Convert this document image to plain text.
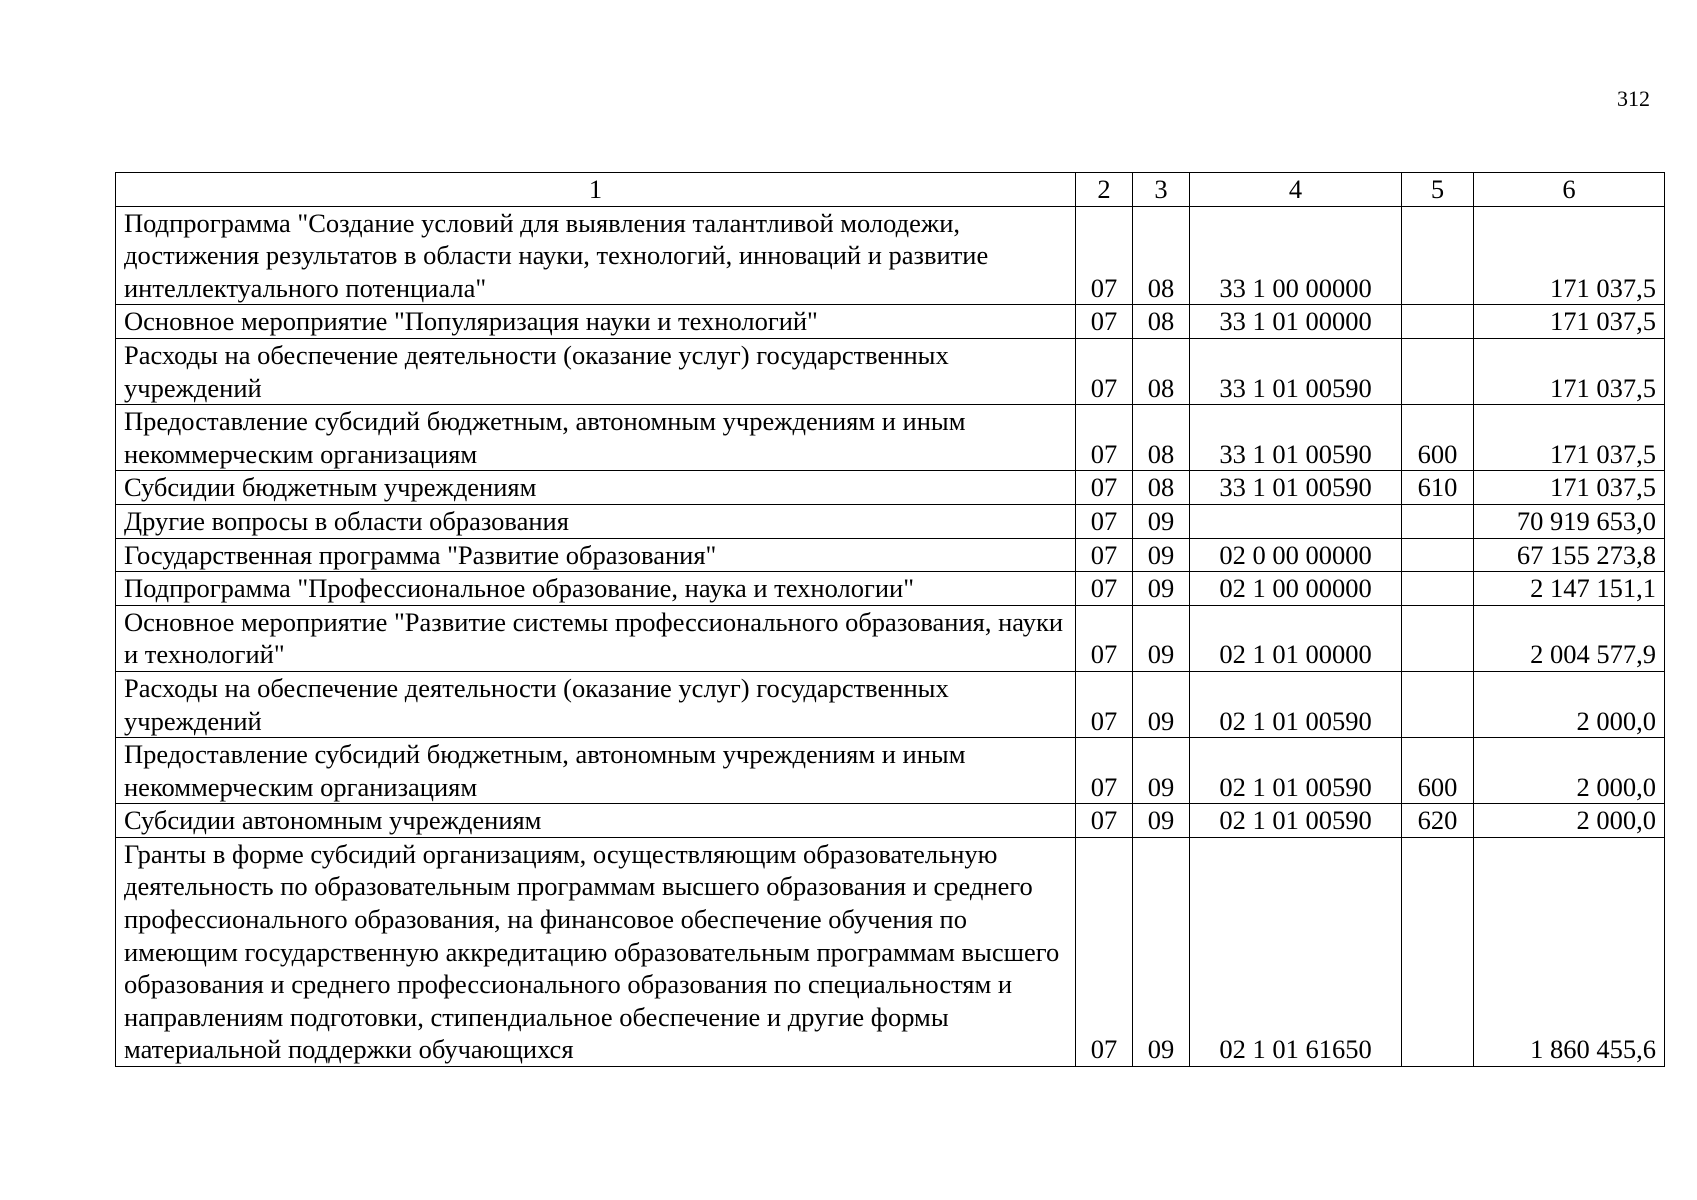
312
1	2	3	4	5	6
Подпрограмма "Создание условий для выявления талантливой молодежи, достижения результатов в области науки, технологий, инноваций и развитие интеллектуального потенциала"	07	08	33 1 00 00000		171 037,5
Основное мероприятие "Популяризация науки и технологий"	07	08	33 1 01 00000		171 037,5
Расходы на обеспечение деятельности (оказание услуг) государственных учреждений	07	08	33 1 01 00590		171 037,5
Предоставление субсидий бюджетным, автономным учреждениям и иным некоммерческим организациям	07	08	33 1 01 00590	600	171 037,5
Субсидии бюджетным учреждениям	07	08	33 1 01 00590	610	171 037,5
Другие вопросы в области образования	07	09			70 919 653,0
Государственная программа "Развитие образования"	07	09	02 0 00 00000		67 155 273,8
Подпрограмма "Профессиональное образование, наука и технологии"	07	09	02 1 00 00000		2 147 151,1
Основное мероприятие "Развитие системы профессионального образования, науки и технологий"	07	09	02 1 01 00000		2 004 577,9
Расходы на обеспечение деятельности (оказание услуг) государственных учреждений	07	09	02 1 01 00590		2 000,0
Предоставление субсидий бюджетным, автономным учреждениям и иным некоммерческим организациям	07	09	02 1 01 00590	600	2 000,0
Субсидии автономным учреждениям	07	09	02 1 01 00590	620	2 000,0
Гранты в форме субсидий организациям, осуществляющим образовательную деятельность по образовательным программам высшего образования и среднего профессионального образования, на финансовое обеспечение обучения по имеющим государственную аккредитацию образовательным программам высшего образования и среднего профессионального образования по специальностям и направлениям подготовки, стипендиальное обеспечение и другие формы материальной поддержки обучающихся	07	09	02 1 01 61650		1 860 455,6
